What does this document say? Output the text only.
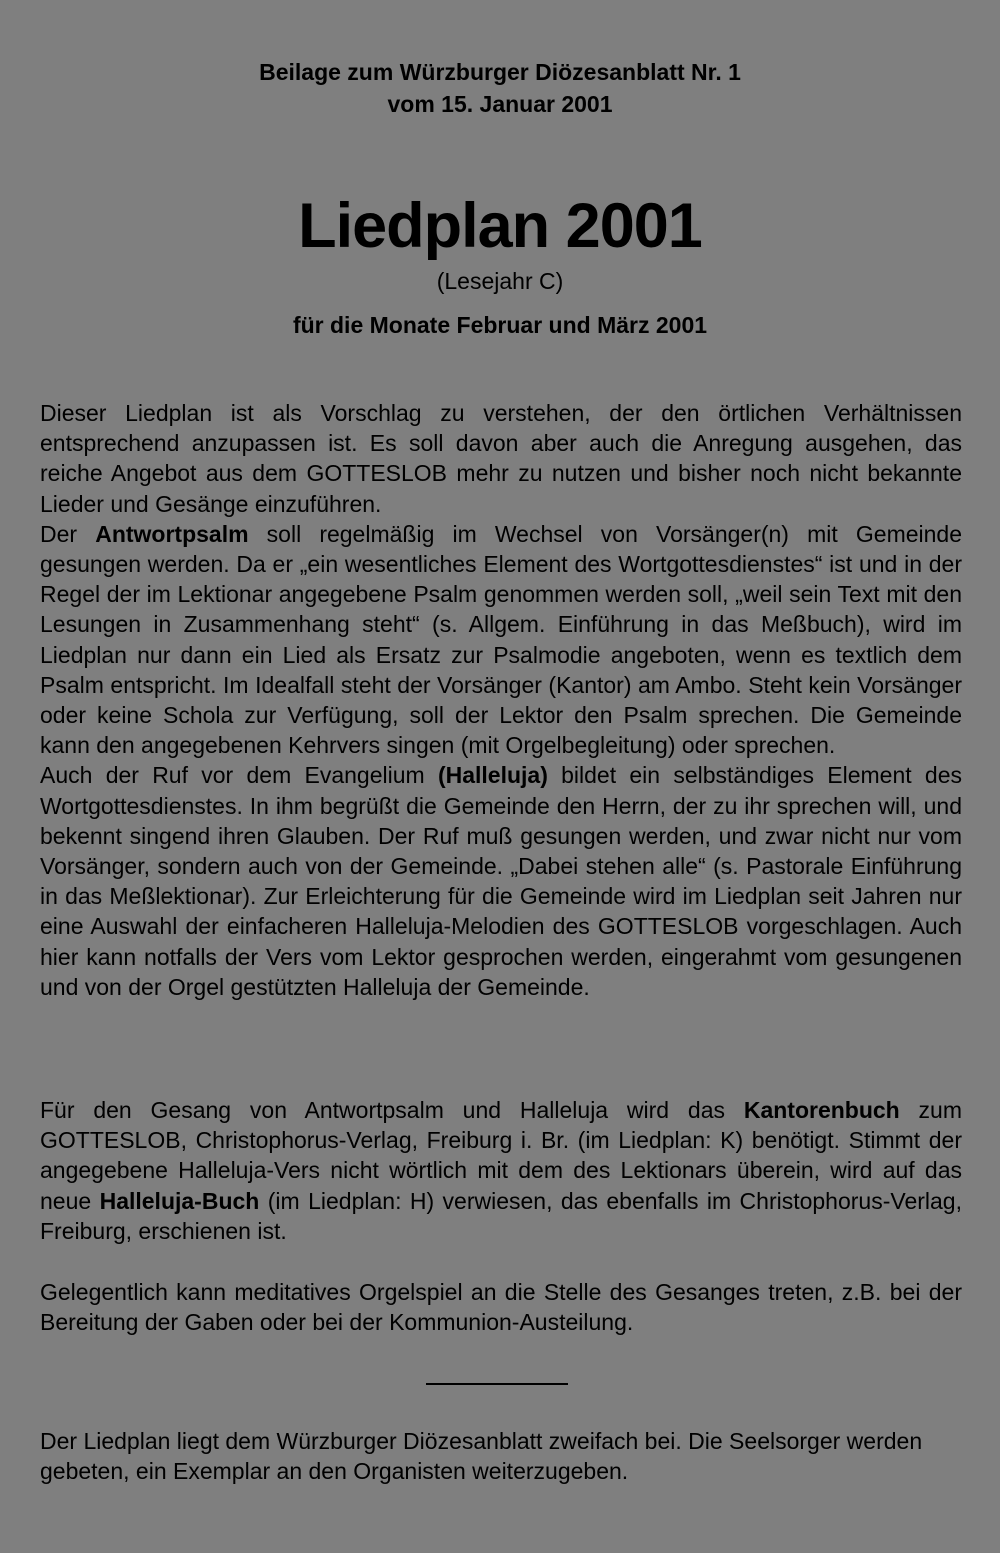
Beilage zum Würzburger Diözesanblatt Nr. 1
vom 15. Januar 2001
Liedplan 2001
(Lesejahr C)
für die Monate Februar und März 2001

Dieser Liedplan ist als Vorschlag zu verstehen, der den örtlichen Verhältnissen entsprechend anzupassen ist. Es soll davon aber auch die Anregung ausgehen, das reiche Angebot aus dem GOTTESLOB mehr zu nutzen und bisher noch nicht bekannte Lieder und Gesänge einzuführen.
Der Antwortpsalm soll regelmäßig im Wechsel von Vorsänger(n) mit Gemeinde gesungen werden. Da er „ein wesentliches Element des Wortgottesdienstes“ ist und in der Regel der im Lektionar angegebene Psalm genommen werden soll, „weil sein Text mit den Lesungen in Zusammenhang steht“ (s. Allgem. Einführung in das Meßbuch), wird im Liedplan nur dann ein Lied als Ersatz zur Psalmodie angeboten, wenn es textlich dem Psalm entspricht. Im Idealfall steht der Vorsänger (Kantor) am Ambo. Steht kein Vorsänger oder keine Schola zur Verfügung, soll der Lektor den Psalm sprechen. Die Gemeinde kann den angegebenen Kehrvers singen (mit Orgelbegleitung) oder sprechen.
Auch der Ruf vor dem Evangelium (Halleluja) bildet ein selbständiges Element des Wortgottesdienstes. In ihm begrüßt die Gemeinde den Herrn, der zu ihr sprechen will, und bekennt singend ihren Glauben. Der Ruf muß gesungen werden, und zwar nicht nur vom Vorsänger, sondern auch von der Gemeinde. „Dabei stehen alle“ (s. Pastorale Einführung in das Meßlektionar). Zur Erleichterung für die Gemeinde wird im Liedplan seit Jahren nur eine Auswahl der einfacheren Halleluja-Melodien des GOTTESLOB vorgeschlagen. Auch hier kann notfalls der Vers vom Lektor gesprochen werden, eingerahmt vom gesungenen und von der Orgel gestützten Halleluja der Gemeinde.

Für den Gesang von Antwortpsalm und Halleluja wird das Kantorenbuch zum GOTTESLOB, Christophorus-Verlag, Freiburg i. Br. (im Liedplan: K) benötigt. Stimmt der angegebene Halleluja-Vers nicht wörtlich mit dem des Lektionars überein, wird auf das neue Halleluja-Buch (im Liedplan: H) verwiesen, das ebenfalls im Christophorus-Verlag, Freiburg, erschienen ist.

Gelegentlich kann meditatives Orgelspiel an die Stelle des Gesanges treten, z.B. bei der Bereitung der Gaben oder bei der Kommunion-Austeilung.

Der Liedplan liegt dem Würzburger Diözesanblatt zweifach bei. Die Seelsorger werden gebeten, ein Exemplar an den Organisten weiterzugeben.
